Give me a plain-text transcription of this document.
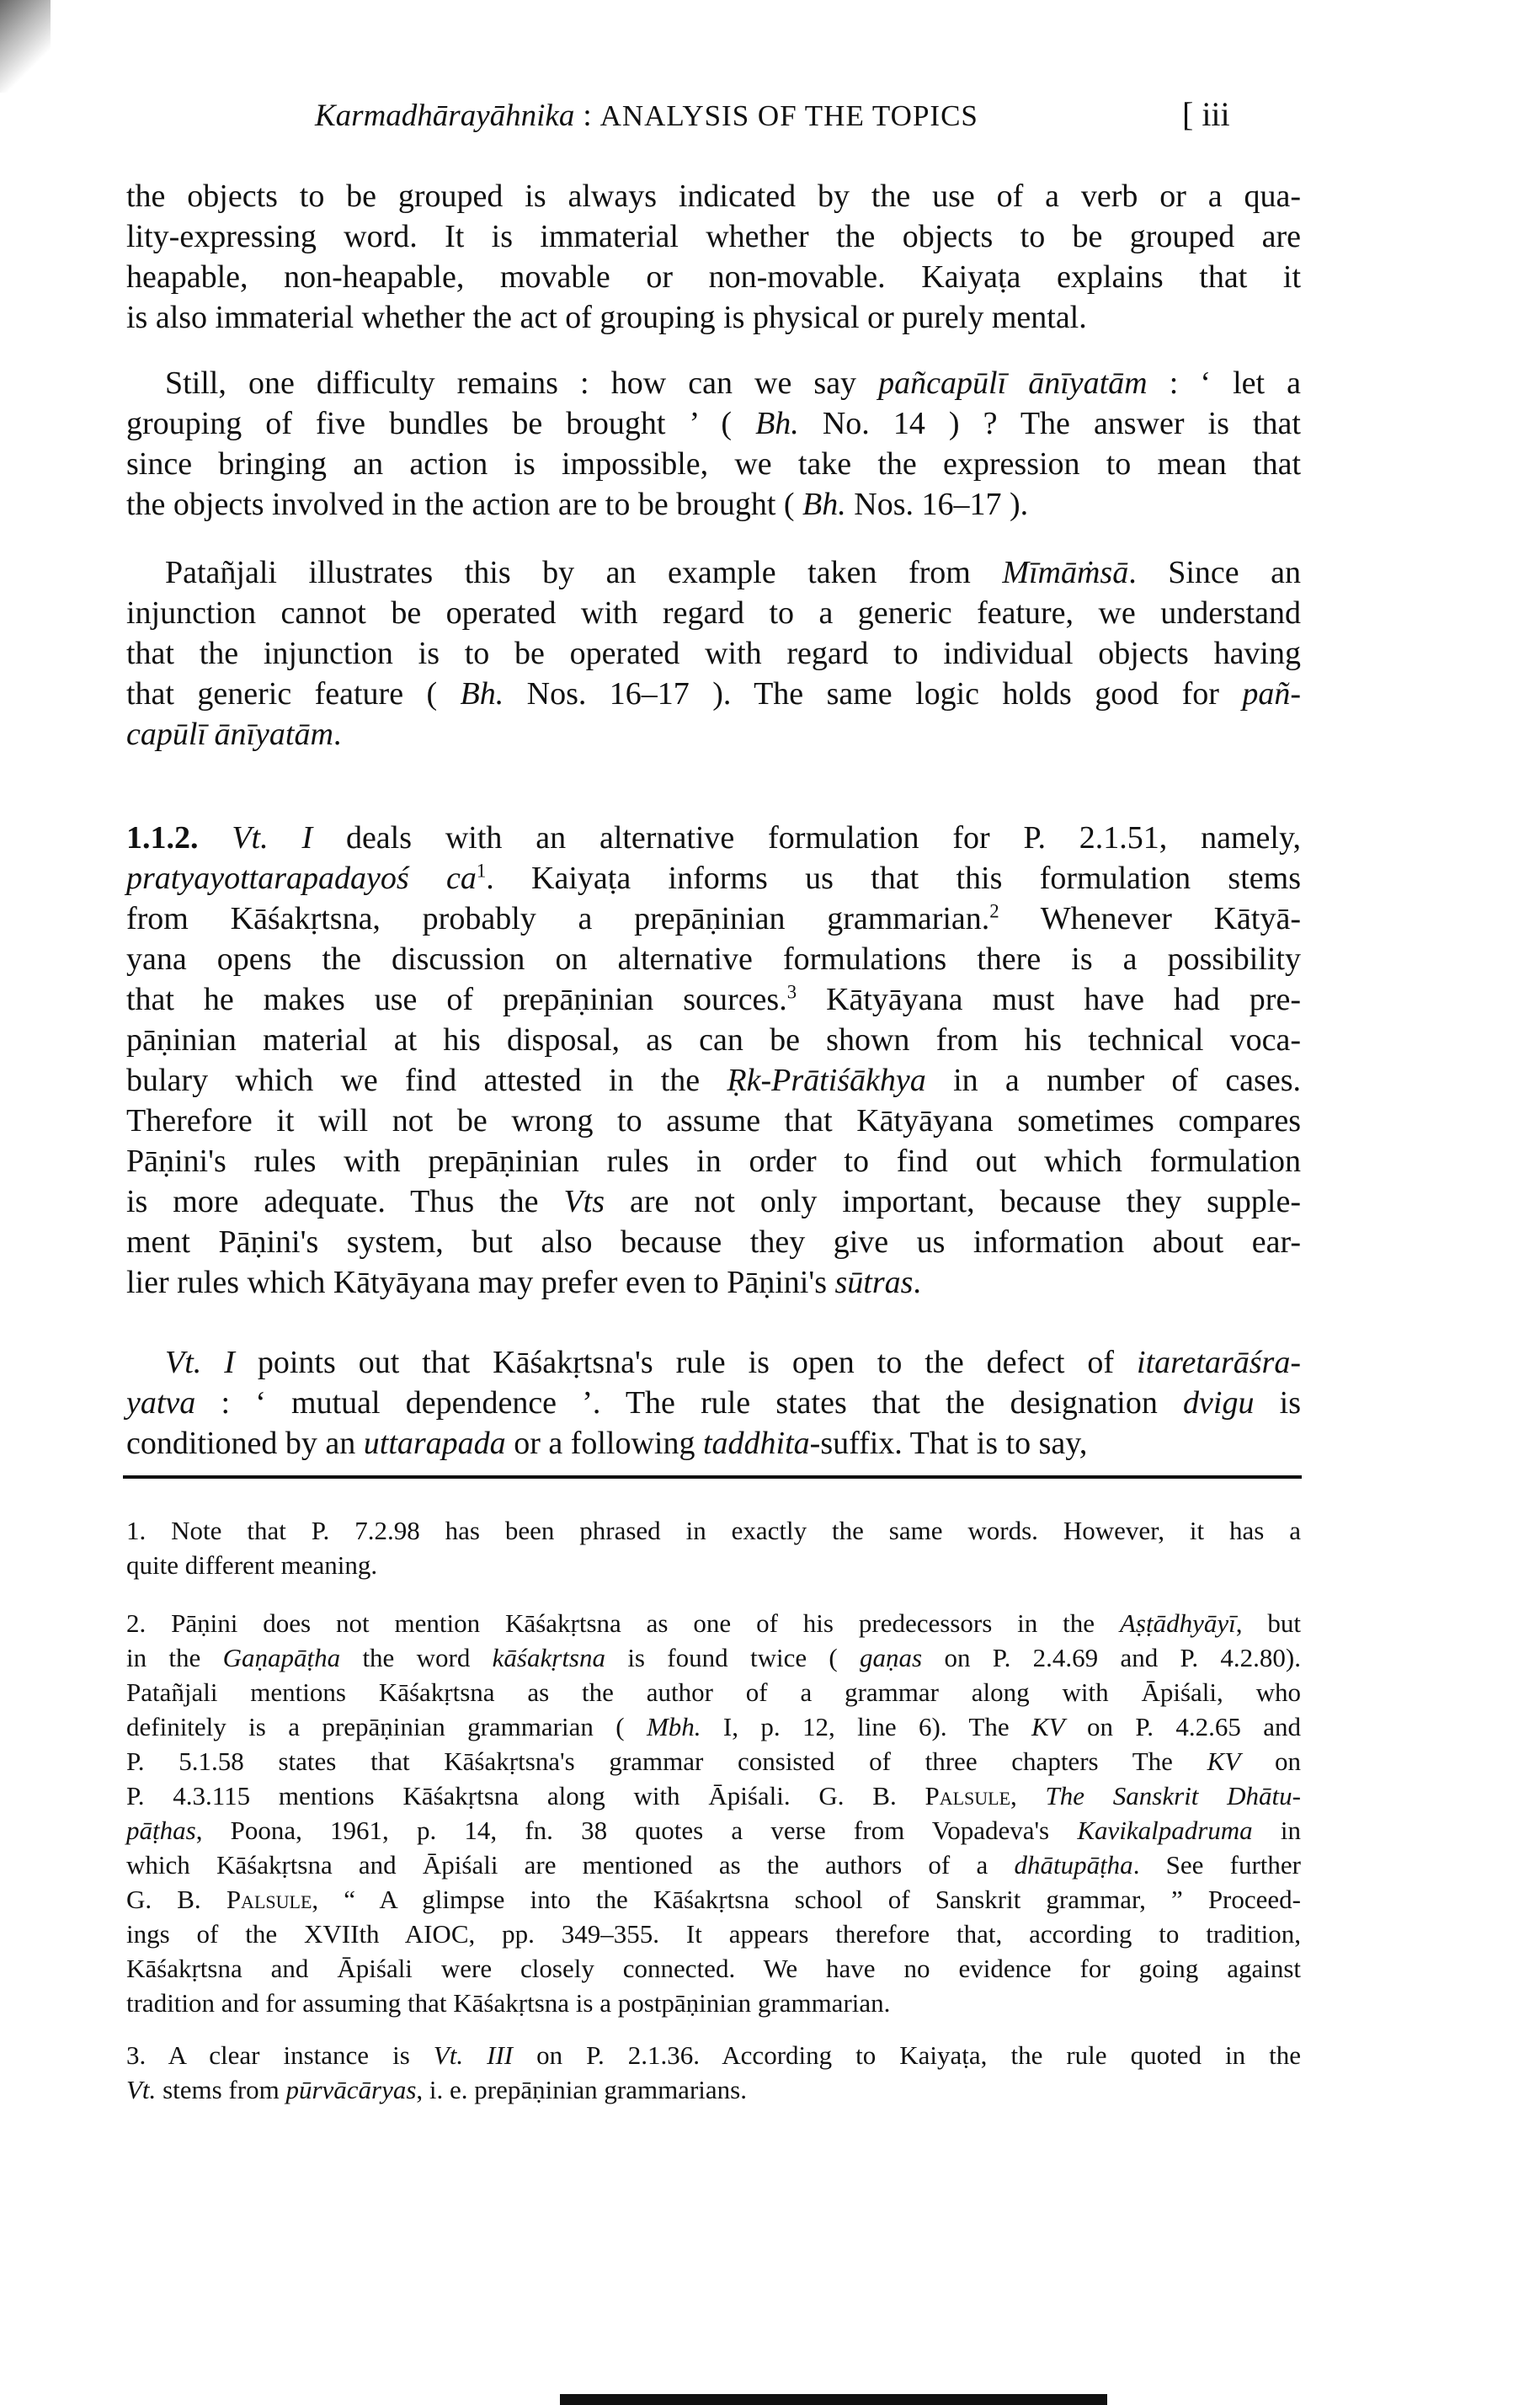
Karmadhārayāhnika : ANALYSIS OF THE TOPICS	[ iii
the objects to be grouped is always indicated by the use of a verb or a qua-
lity-expressing word. It is immaterial whether the objects to be grouped are
heapable, non-heapable, movable or non-movable. Kaiyaṭa explains that it
is also immaterial whether the act of grouping is physical or purely mental.
Still, one difficulty remains : how can we say pañcapūlī ānīyatām : ‘ let a
grouping of five bundles be brought ’ ( Bh. No. 14 ) ? The answer is that
since bringing an action is impossible, we take the expression to mean that
the objects involved in the action are to be brought ( Bh. Nos. 16–17 ).
Patañjali illustrates this by an example taken from Mīmāṁsā. Since an
injunction cannot be operated with regard to a generic feature, we understand
that the injunction is to be operated with regard to individual objects having
that generic feature ( Bh. Nos. 16–17 ). The same logic holds good for pañ-
capūlī ānīyatām.
1.1.2. Vt. I deals with an alternative formulation for P. 2.1.51, namely,
pratyayottarapadayoś $ca^1$. Kaiyaṭa informs us that this formulation stems
from Kāśakṛtsna, probably a prepāṇinian grammarian.$^2$ Whenever Kātyā-
yana opens the discussion on alternative formulations there is a possibility
that he makes use of prepāṇinian sources.$^3$ Kātyāyana must have had pre-
pāṇinian material at his disposal, as can be shown from his technical voca-
bulary which we find attested in the Ṛk-Prātiśākhya in a number of cases.
Therefore it will not be wrong to assume that Kātyāyana sometimes compares
Pāṇini's rules with prepāṇinian rules in order to find out which formulation
is more adequate. Thus the Vts are not only important, because they supple-
ment Pāṇini's system, but also because they give us information about ear-
lier rules which Kātyāyana may prefer even to Pāṇini's sūtras.
Vt. I points out that Kāśakṛtsna's rule is open to the defect of itaretarāśra-
yatva : ‘ mutual dependence ’. The rule states that the designation dvigu is
conditioned by an uttarapada or a following taddhita-suffix. That is to say,
1. Note that P. 7.2.98 has been phrased in exactly the same words. However, it has a
quite different meaning.
2. Pāṇini does not mention Kāśakṛtsna as one of his predecessors in the Aṣṭādhyāyī, but
in the Gaṇapāṭha the word kāśakṛtsna is found twice ( gaṇas on P. 2.4.69 and P. 4.2.80).
Patañjali mentions Kāśakṛtsna as the author of a grammar along with Āpiśali, who
definitely is a prepāṇinian grammarian ( Mbh. I, p. 12, line 6). The KV on P. 4.2.65 and
P. 5.1.58 states that Kāśakṛtsna's grammar consisted of three chapters The KV on
P. 4.3.115 mentions Kāśakṛtsna along with Āpiśali. G. B. Palsule, The Sanskrit Dhātu-
pāṭhas, Poona, 1961, p. 14, fn. 38 quotes a verse from Vopadeva's Kavikalpadruma in
which Kāśakṛtsna and Āpiśali are mentioned as the authors of a dhātupāṭha. See further
G. B. Palsule, “ A glimpse into the Kāśakṛtsna school of Sanskrit grammar, ” Proceed-
ings of the XVIIth AIOC, pp. 349–355. It appears therefore that, according to tradition,
Kāśakṛtsna and Āpiśali were closely connected. We have no evidence for going against
tradition and for assuming that Kāśakṛtsna is a postpāṇinian grammarian.
3. A clear instance is Vt. III on P. 2.1.36. According to Kaiyaṭa, the rule quoted in the
Vt. stems from pūrvācāryas, i. e. prepāṇinian grammarians.
